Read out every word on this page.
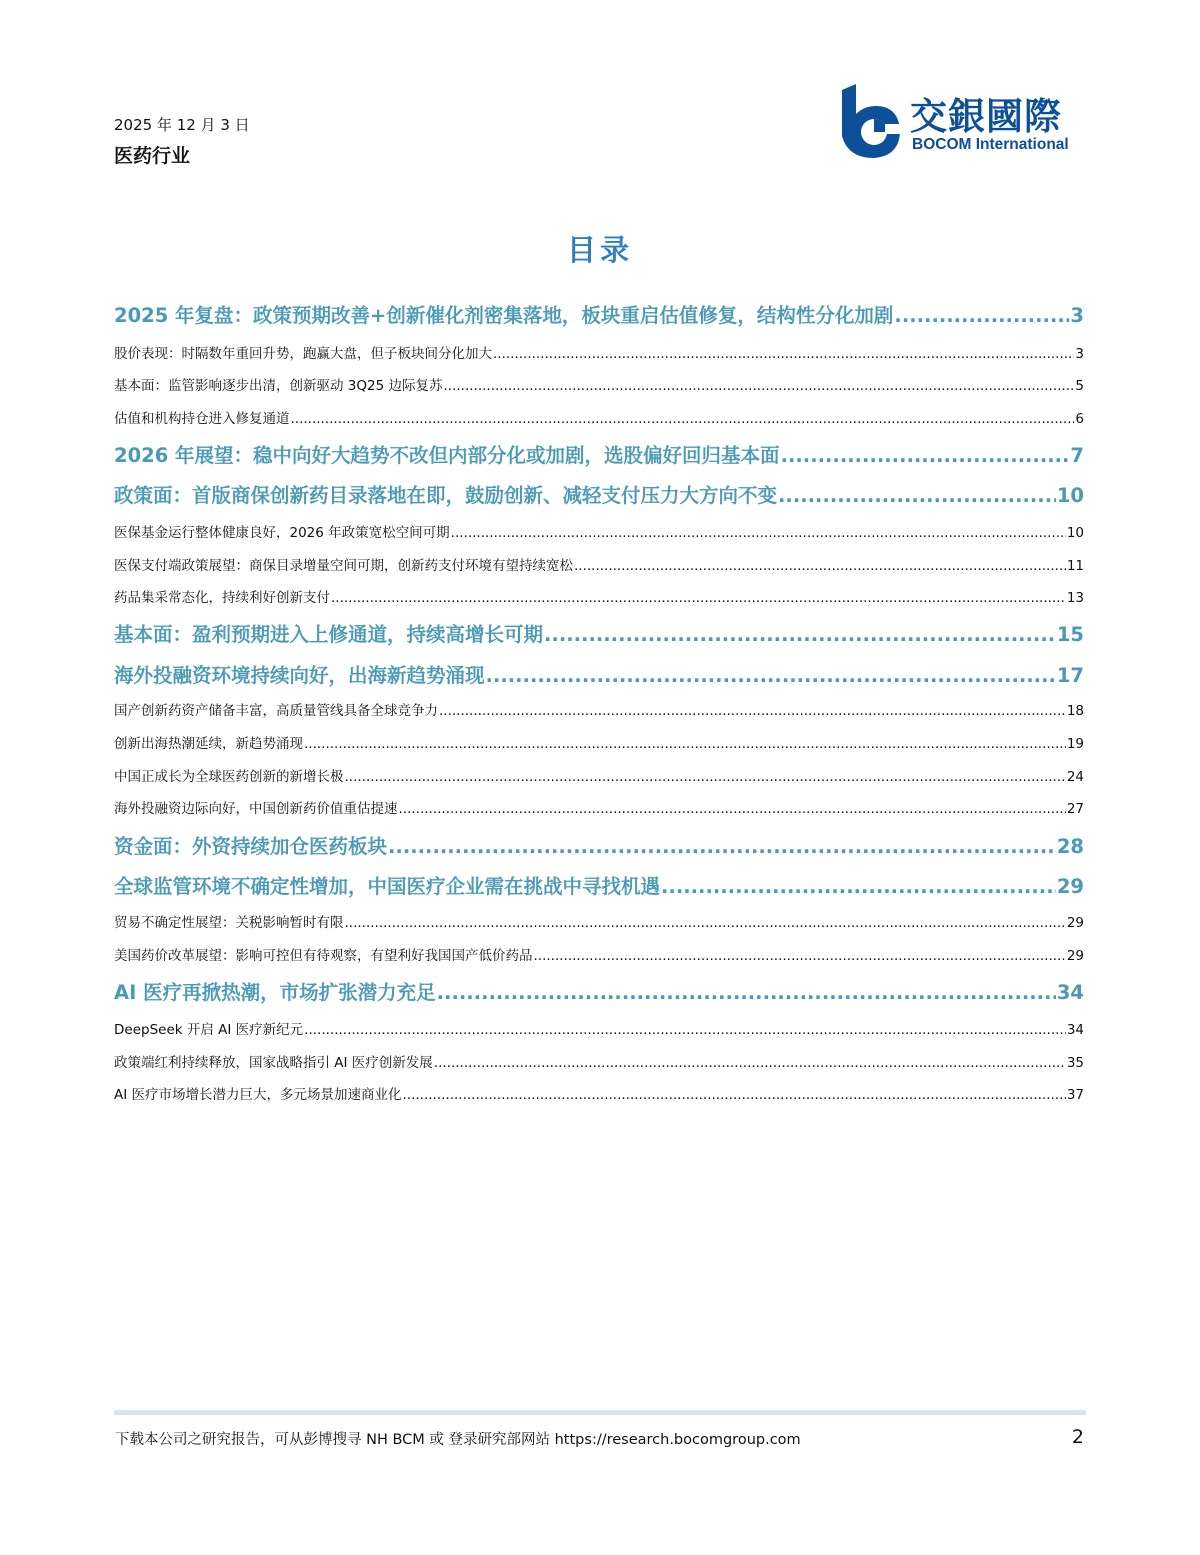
2025 年 12 月 3 日
医药行业
交銀國際
BOCOM International
目录
2025 年复盘：政策预期改善+创新催化剂密集落地，板块重启估值修复，结构性分化加剧 .....	3
股价表现：时隔数年重回升势，跑赢大盘，但子板块间分化加大 .....	3
基本面：监管影响逐步出清，创新驱动 3Q25 边际复苏 .....	5
估值和机构持仓进入修复通道 .....	6
2026 年展望：稳中向好大趋势不改但内部分化或加剧，选股偏好回归基本面 .....	7
政策面：首版商保创新药目录落地在即，鼓励创新、减轻支付压力大方向不变 .....	10
医保基金运行整体健康良好，2026 年政策宽松空间可期 .....	10
医保支付端政策展望：商保目录增量空间可期，创新药支付环境有望持续宽松 .....	11
药品集采常态化，持续利好创新支付 .....	13
基本面：盈利预期进入上修通道，持续高增长可期 .....	15
海外投融资环境持续向好，出海新趋势涌现 .....	17
国产创新药资产储备丰富，高质量管线具备全球竞争力 .....	18
创新出海热潮延续，新趋势涌现 .....	19
中国正成长为全球医药创新的新增长极 .....	24
海外投融资边际向好，中国创新药价值重估提速 .....	27
资金面：外资持续加仓医药板块 .....	28
全球监管环境不确定性增加，中国医疗企业需在挑战中寻找机遇 .....	29
贸易不确定性展望：关税影响暂时有限 .....	29
美国药价改革展望：影响可控但有待观察，有望利好我国国产低价药品 .....	29
AI 医疗再掀热潮，市场扩张潜力充足 .....	34
DeepSeek 开启 AI 医疗新纪元 .....	34
政策端红利持续释放，国家战略指引 AI 医疗创新发展 .....	35
AI 医疗市场增长潜力巨大，多元场景加速商业化 .....	37
下载本公司之研究报告，可从彭博搜寻 NH BCM 或 登录研究部网站 https://research.bocomgroup.com	2
